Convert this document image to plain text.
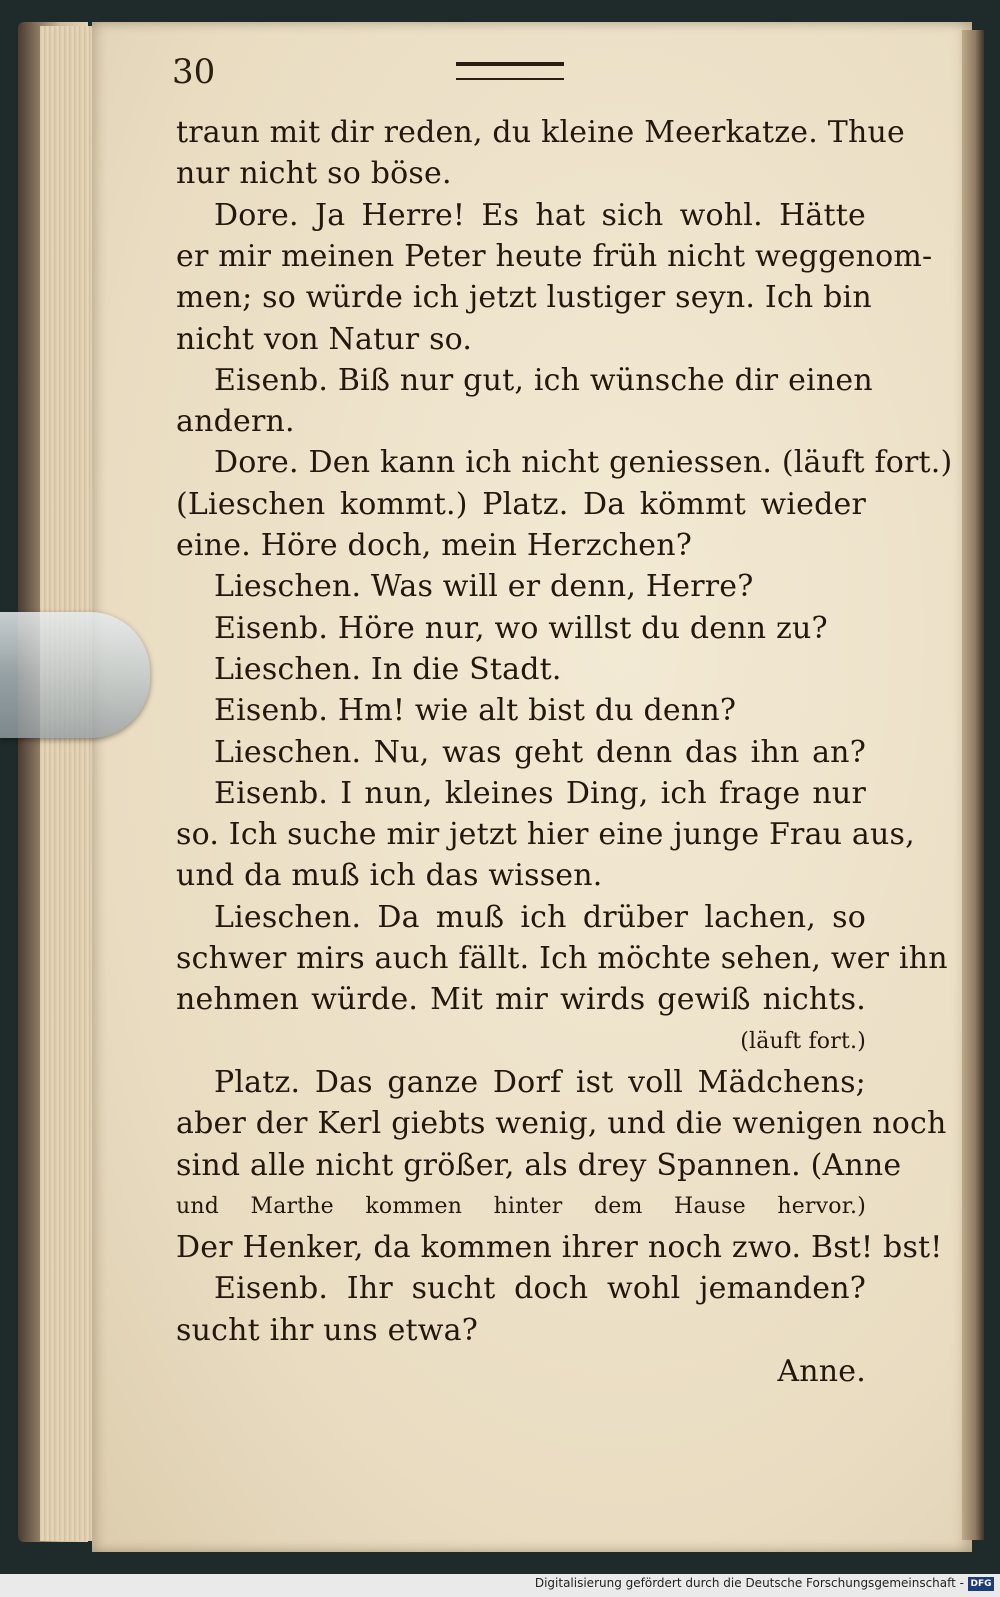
30
traun mit dir reden, du kleine Meerkatze. Thue
nur nicht so böse.
Dore. Ja Herre! Es hat sich wohl. Hätte
er mir meinen Peter heute früh nicht weggenom-
men; so würde ich jetzt lustiger seyn. Ich bin
nicht von Natur so.
Eisenb. Biß nur gut, ich wünsche dir einen
andern.
Dore. Den kann ich nicht geniessen. (läuft fort.)
(Lieschen kommt.) Platz. Da kömmt wieder
eine. Höre doch, mein Herzchen?
Lieschen. Was will er denn, Herre?
Eisenb. Höre nur, wo willst du denn zu?
Lieschen. In die Stadt.
Eisenb. Hm! wie alt bist du denn?
Lieschen. Nu, was geht denn das ihn an?
Eisenb. I nun, kleines Ding, ich frage nur
so. Ich suche mir jetzt hier eine junge Frau aus,
und da muß ich das wissen.
Lieschen. Da muß ich drüber lachen, so
schwer mirs auch fällt. Ich möchte sehen, wer ihn
nehmen würde. Mit mir wirds gewiß nichts.
(läuft fort.)
Platz. Das ganze Dorf ist voll Mädchens;
aber der Kerl giebts wenig, und die wenigen noch
sind alle nicht größer, als drey Spannen. (Anne
und Marthe kommen hinter dem Hause hervor.)
Der Henker, da kommen ihrer noch zwo. Bst! bst!
Eisenb. Ihr sucht doch wohl jemanden?
sucht ihr uns etwa?
Anne.
Digitalisierung gefördert durch die Deutsche Forschungsgemeinschaft - DFG
